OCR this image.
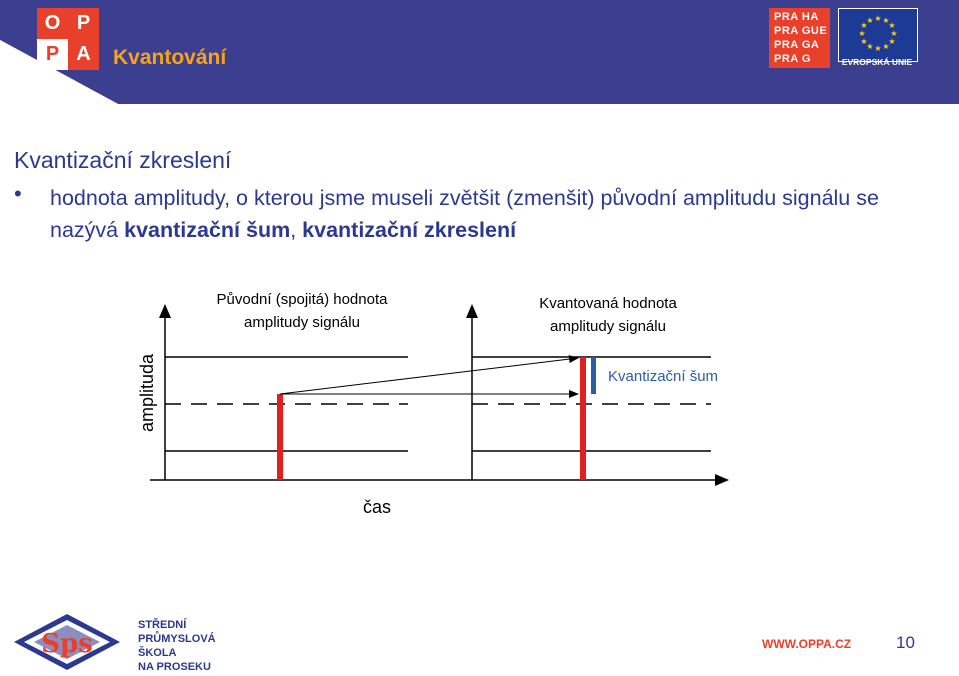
O P
P A	Kvantování
PRA HA
PRA GUE
PRA GA
PRA G
★ ★
★
★
★
★
★
★
★
★
★
★
EVROPSKÁ UNIE
Kvantizační zkreslení
• hodnota amplitudy, o kterou jsme museli zvětšit (zmenšit) původní amplitudu signálu se nazývá kvantizační šum, kvantizační zkreslení
Původní (spojitá) hodnota
amplitudy signálu
Kvantovaná hodnota
amplitudy signálu
Kvantizační šum
amplituda
čas
Sps
STŘEDNÍ
PRŮMYSLOVÁ
ŠKOLA
NA PROSEKU
WWW.OPPA.CZ	10
